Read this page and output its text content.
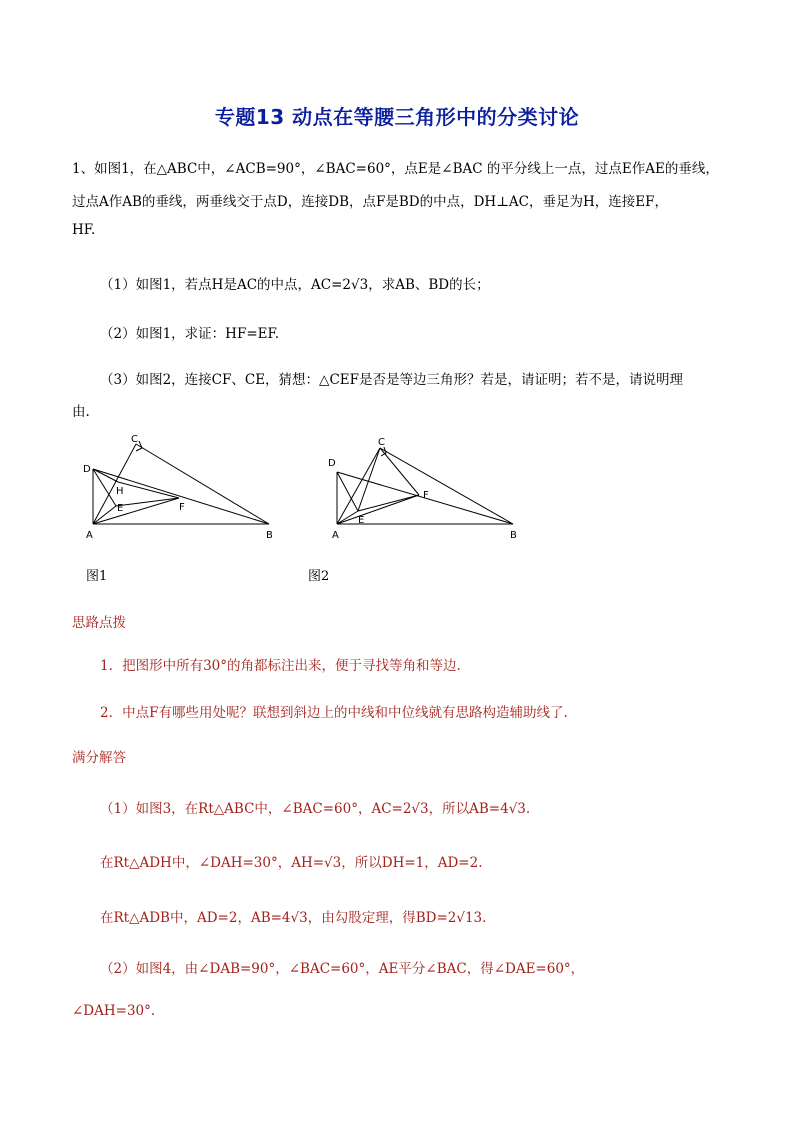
专题13 动点在等腰三角形中的分类讨论
1、如图1，在△ABC中，∠ACB=90°，∠BAC=60°，点E是∠BAC 的平分线上一点，过点E作AE的垂线，
过点A作AB的垂线，两垂线交于点D，连接DB，点F是BD的中点，DH⊥AC，垂足为H，连接EF，
HF.
（1）如图1，若点H是AC的中点，AC=2√3，求AB、BD的长；
（2）如图1，求证：HF=EF.
（3）如图2，连接CF、CE，猜想：△CEF是否是等边三角形？若是，请证明；若不是，请说明理
由.
C
D
H
E	F
A	B
图1
C
D
E
F
A	B
图2
思路点拨
1．把图形中所有30°的角都标注出来，便于寻找等角和等边.
2．中点F有哪些用处呢？联想到斜边上的中线和中位线就有思路构造辅助线了.
满分解答
（1）如图3，在Rt△ABC中，∠BAC=60°，AC=2√3，所以AB=4√3.
在Rt△ADH中，∠DAH=30°，AH=√3，所以DH=1，AD=2.
在Rt△ADB中，AD=2，AB=4√3，由勾股定理，得BD=2√13.
（2）如图4，由∠DAB=90°，∠BAC=60°，AE平分∠BAC，得∠DAE=60°，
∠DAH=30°.
